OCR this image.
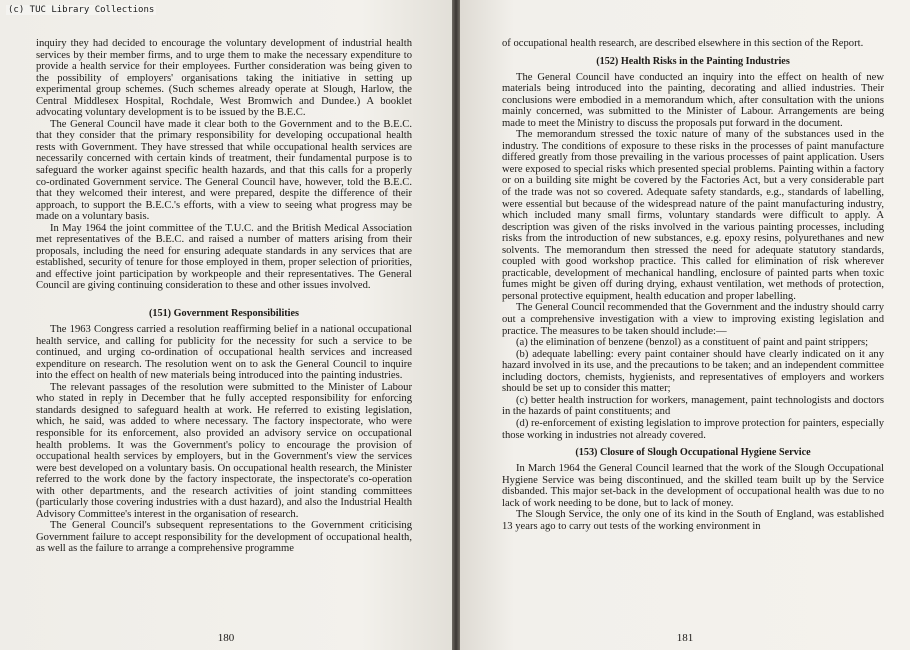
(c) TUC Library Collections

inquiry they had decided to encourage the voluntary development of industrial health services by their member firms, and to urge them to make the necessary expenditure to provide a health service for their employees. Further consideration was being given to the possibility of employers' organisations taking the initiative in setting up experimental group schemes. (Such schemes already operate at Slough, Harlow, the Central Middlesex Hospital, Rochdale, West Bromwich and Dundee.) A booklet advocating voluntary development is to be issued by the B.E.C.

The General Council have made it clear both to the Government and to the B.E.C. that they consider that the primary responsibility for developing occupational health rests with Government. They have stressed that while occupational health services are necessarily concerned with certain kinds of treatment, their fundamental purpose is to safeguard the worker against specific health hazards, and that this calls for a properly co-ordinated Government service. The General Council have, however, told the B.E.C. that they welcomed their interest, and were prepared, despite the difference of their approach, to support the B.E.C.'s efforts, with a view to seeing what progress may be made on a voluntary basis.

In May 1964 the joint committee of the T.U.C. and the British Medical Association met representatives of the B.E.C. and raised a number of matters arising from their proposals, including the need for ensuring adequate standards in any services that are established, security of tenure for those employed in them, proper selection of priorities, and effective joint participation by workpeople and their representatives. The General Council are giving continuing consideration to these and other issues involved.

(151) Government Responsibilities

The 1963 Congress carried a resolution reaffirming belief in a national occupational health service, and calling for publicity for the necessity for such a service to be continued, and urging co-ordination of occupational health services and increased expenditure on research. The resolution went on to ask the General Council to inquire into the effect on health of new materials being introduced into the painting industries.

The relevant passages of the resolution were submitted to the Minister of Labour who stated in reply in December that he fully accepted responsibility for enforcing standards designed to safeguard health at work. He referred to existing legislation, which, he said, was added to where necessary. The factory inspectorate, who were responsible for its enforcement, also provided an advisory service on occupational health problems. It was the Government's policy to encourage the provision of occupational health services by employers, but in the Government's view the services were best developed on a voluntary basis. On occupational health research, the Minister referred to the work done by the factory inspectorate, the inspectorate's co-operation with other departments, and the research activities of joint standing committees (particularly those covering industries with a dust hazard), and also the Industrial Health Advisory Committee's interest in the organisation of research.

The General Council's subsequent representations to the Government criticising Government failure to accept responsibility for the development of occupational health, as well as the failure to arrange a comprehensive programme

180

of occupational health research, are described elsewhere in this section of the Report.

(152) Health Risks in the Painting Industries

The General Council have conducted an inquiry into the effect on health of new materials being introduced into the painting, decorating and allied industries. Their conclusions were embodied in a memorandum which, after consultation with the unions mainly concerned, was submitted to the Minister of Labour. Arrangements are being made to meet the Ministry to discuss the proposals put forward in the document.

The memorandum stressed the toxic nature of many of the substances used in the industry. The conditions of exposure to these risks in the processes of paint manufacture differed greatly from those prevailing in the various processes of paint application. Users were exposed to special risks which presented special problems. Painting within a factory or on a building site might be covered by the Factories Act, but a very considerable part of the trade was not so covered. Adequate safety standards, e.g., standards of labelling, were essential but because of the widespread nature of the paint manufacturing industry, which included many small firms, voluntary standards were difficult to apply. A description was given of the risks involved in the various painting processes, including risks from the introduction of new substances, e.g. epoxy resins, polyurethanes and new solvents. The memorandum then stressed the need for adequate statutory standards, coupled with good workshop practice. This called for elimination of risk wherever practicable, development of mechanical handling, enclosure of painted parts when toxic fumes might be given off during drying, exhaust ventilation, wet methods of protection, personal protective equipment, health education and proper labelling.

The General Council recommended that the Government and the industry should carry out a comprehensive investigation with a view to improving existing legislation and practice. The measures to be taken should include:—

(a) the elimination of benzene (benzol) as a constituent of paint and paint strippers;

(b) adequate labelling: every paint container should have clearly indicated on it any hazard involved in its use, and the precautions to be taken; and an independent committee including doctors, chemists, hygienists, and representatives of employers and workers should be set up to consider this matter;

(c) better health instruction for workers, management, paint technologists and doctors in the hazards of paint constituents; and

(d) re-enforcement of existing legislation to improve protection for painters, especially those working in industries not already covered.

(153) Closure of Slough Occupational Hygiene Service

In March 1964 the General Council learned that the work of the Slough Occupational Hygiene Service was being discontinued, and the skilled team built up by the Service disbanded. This major set-back in the development of occupational health was due to no lack of work needing to be done, but to lack of money.

The Slough Service, the only one of its kind in the South of England, was established 13 years ago to carry out tests of the working environment in

181
